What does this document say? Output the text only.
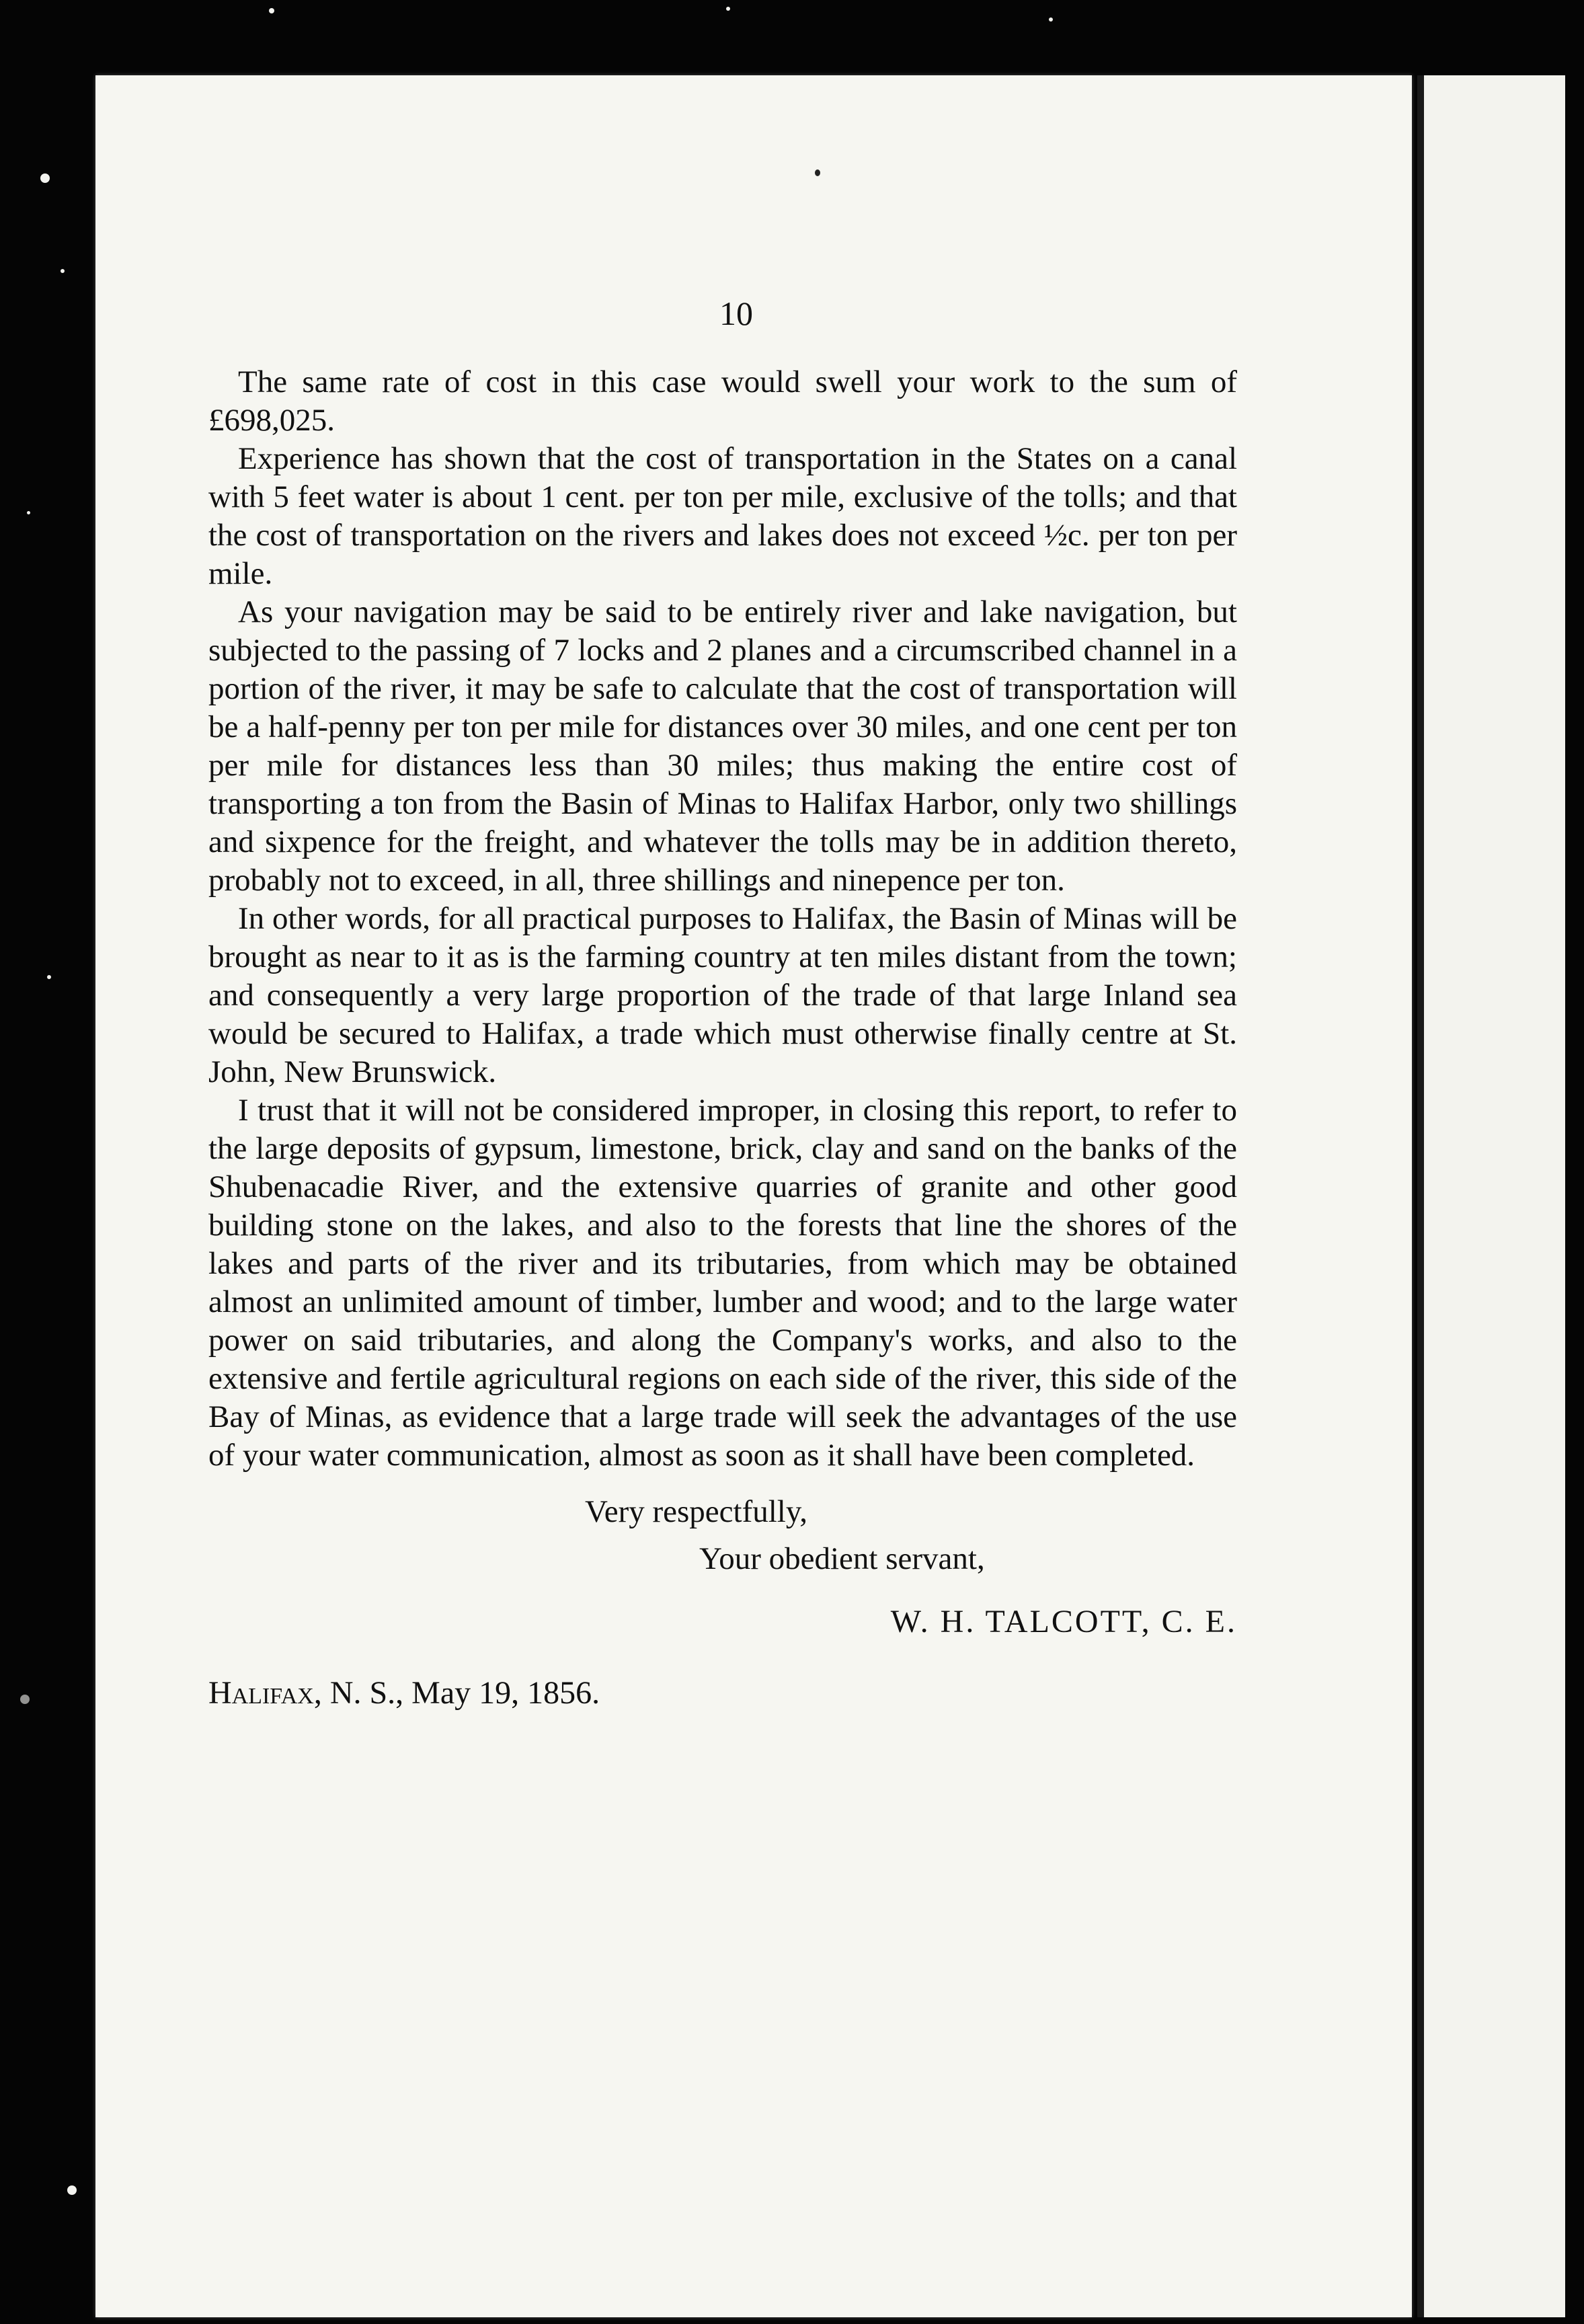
10

The same rate of cost in this case would swell your work to the sum of £698,025.

Experience has shown that the cost of transportation in the States on a canal with 5 feet water is about 1 cent. per ton per mile, exclusive of the tolls; and that the cost of transportation on the rivers and lakes does not exceed ½c. per ton per mile.

As your navigation may be said to be entirely river and lake navigation, but subjected to the passing of 7 locks and 2 planes and a circumscribed channel in a portion of the river, it may be safe to calculate that the cost of transportation will be a half-penny per ton per mile for distances over 30 miles, and one cent per ton per mile for distances less than 30 miles; thus making the entire cost of transporting a ton from the Basin of Minas to Halifax Harbor, only two shillings and sixpence for the freight, and whatever the tolls may be in addition thereto, probably not to exceed, in all, three shillings and ninepence per ton.

In other words, for all practical purposes to Halifax, the Basin of Minas will be brought as near to it as is the farming country at ten miles distant from the town; and consequently a very large proportion of the trade of that large Inland sea would be secured to Halifax, a trade which must otherwise finally centre at St. John, New Brunswick.

I trust that it will not be considered improper, in closing this report, to refer to the large deposits of gypsum, limestone, brick, clay and sand on the banks of the Shubenacadie River, and the extensive quarries of granite and other good building stone on the lakes, and also to the forests that line the shores of the lakes and parts of the river and its tributaries, from which may be obtained almost an unlimited amount of timber, lumber and wood; and to the large water power on said tributaries, and along the Company's works, and also to the extensive and fertile agricultural regions on each side of the river, this side of the Bay of Minas, as evidence that a large trade will seek the advantages of the use of your water communication, almost as soon as it shall have been completed.

Very respectfully,
Your obedient servant,
W. H. TALCOTT, C. E.
Halifax, N. S., May 19, 1856.
